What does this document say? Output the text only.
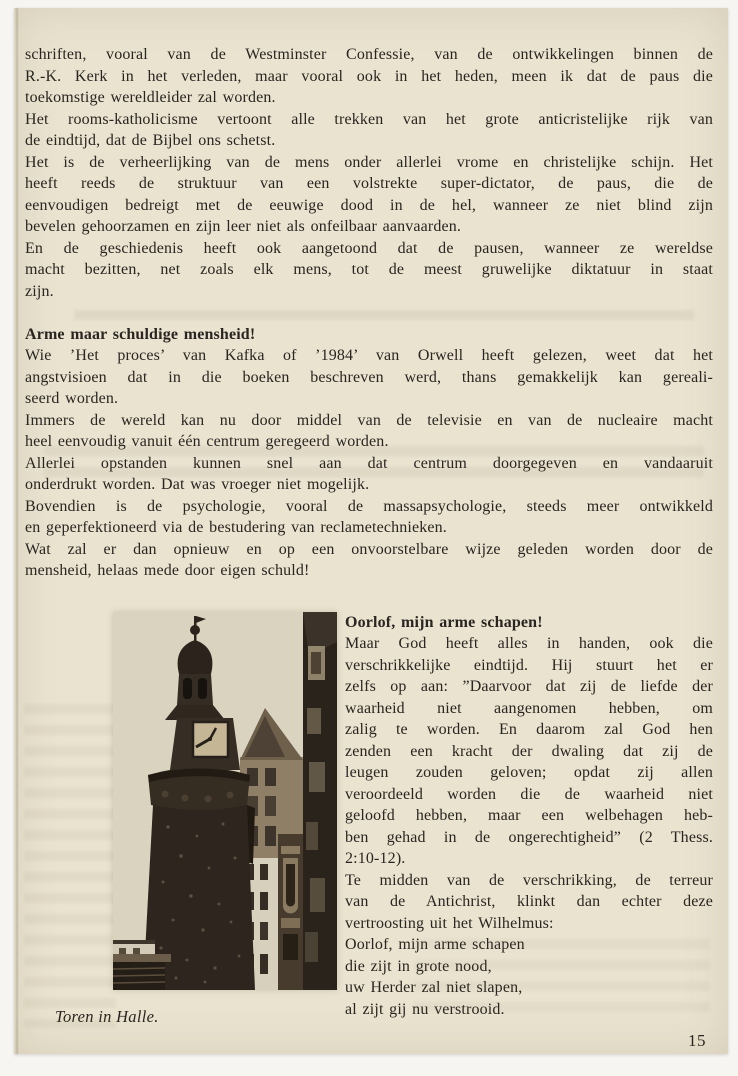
schriften, vooral van de Westminster Confessie, van de ontwikkelingen binnen de
R.-K. Kerk in het verleden, maar vooral ook in het heden, meen ik dat de paus die
toekomstige wereldleider zal worden.
Het rooms-katholicisme vertoont alle trekken van het grote anticristelijke rijk van
de eindtijd, dat de Bijbel ons schetst.
Het is de verheerlijking van de mens onder allerlei vrome en christelijke schijn. Het
heeft reeds de struktuur van een volstrekte super-dictator, de paus, die de
eenvoudigen bedreigt met de eeuwige dood in de hel, wanneer ze niet blind zijn
bevelen gehoorzamen en zijn leer niet als onfeilbaar aanvaarden.
En de geschiedenis heeft ook aangetoond dat de pausen, wanneer ze wereldse
macht bezitten, net zoals elk mens, tot de meest gruwelijke diktatuur in staat
zijn.
Arme maar schuldige mensheid!
Wie ’Het proces’ van Kafka of ’1984’ van Orwell heeft gelezen, weet dat het
angstvisioen dat in die boeken beschreven werd, thans gemakkelijk kan gereali-
seerd worden.
Immers de wereld kan nu door middel van de televisie en van de nucleaire macht
heel eenvoudig vanuit één centrum geregeerd worden.
Allerlei opstanden kunnen snel aan dat centrum doorgegeven en vandaaruit
onderdrukt worden. Dat was vroeger niet mogelijk.
Bovendien is de psychologie, vooral de massapsychologie, steeds meer ontwikkeld
en geperfektioneerd via de bestudering van reclametechnieken.
Wat zal er dan opnieuw en op een onvoorstelbare wijze geleden worden door de
mensheid, helaas mede door eigen schuld!
Toren in Halle.
Oorlof, mijn arme schapen!
Maar God heeft alles in handen, ook die
verschrikkelijke eindtijd. Hij stuurt het er
zelfs op aan: ”Daarvoor dat zij de liefde der
waarheid niet aangenomen hebben, om
zalig te worden. En daarom zal God hen
zenden een kracht der dwaling dat zij de
leugen zouden geloven; opdat zij allen
veroordeeld worden die de waarheid niet
geloofd hebben, maar een welbehagen heb-
ben gehad in de ongerechtigheid” (2 Thess.
2:10-12).
Te midden van de verschrikking, de terreur
van de Antichrist, klinkt dan echter deze
vertroosting uit het Wilhelmus:
Oorlof, mijn arme schapen
die zijt in grote nood,
uw Herder zal niet slapen,
al zijt gij nu verstrooid.
15
